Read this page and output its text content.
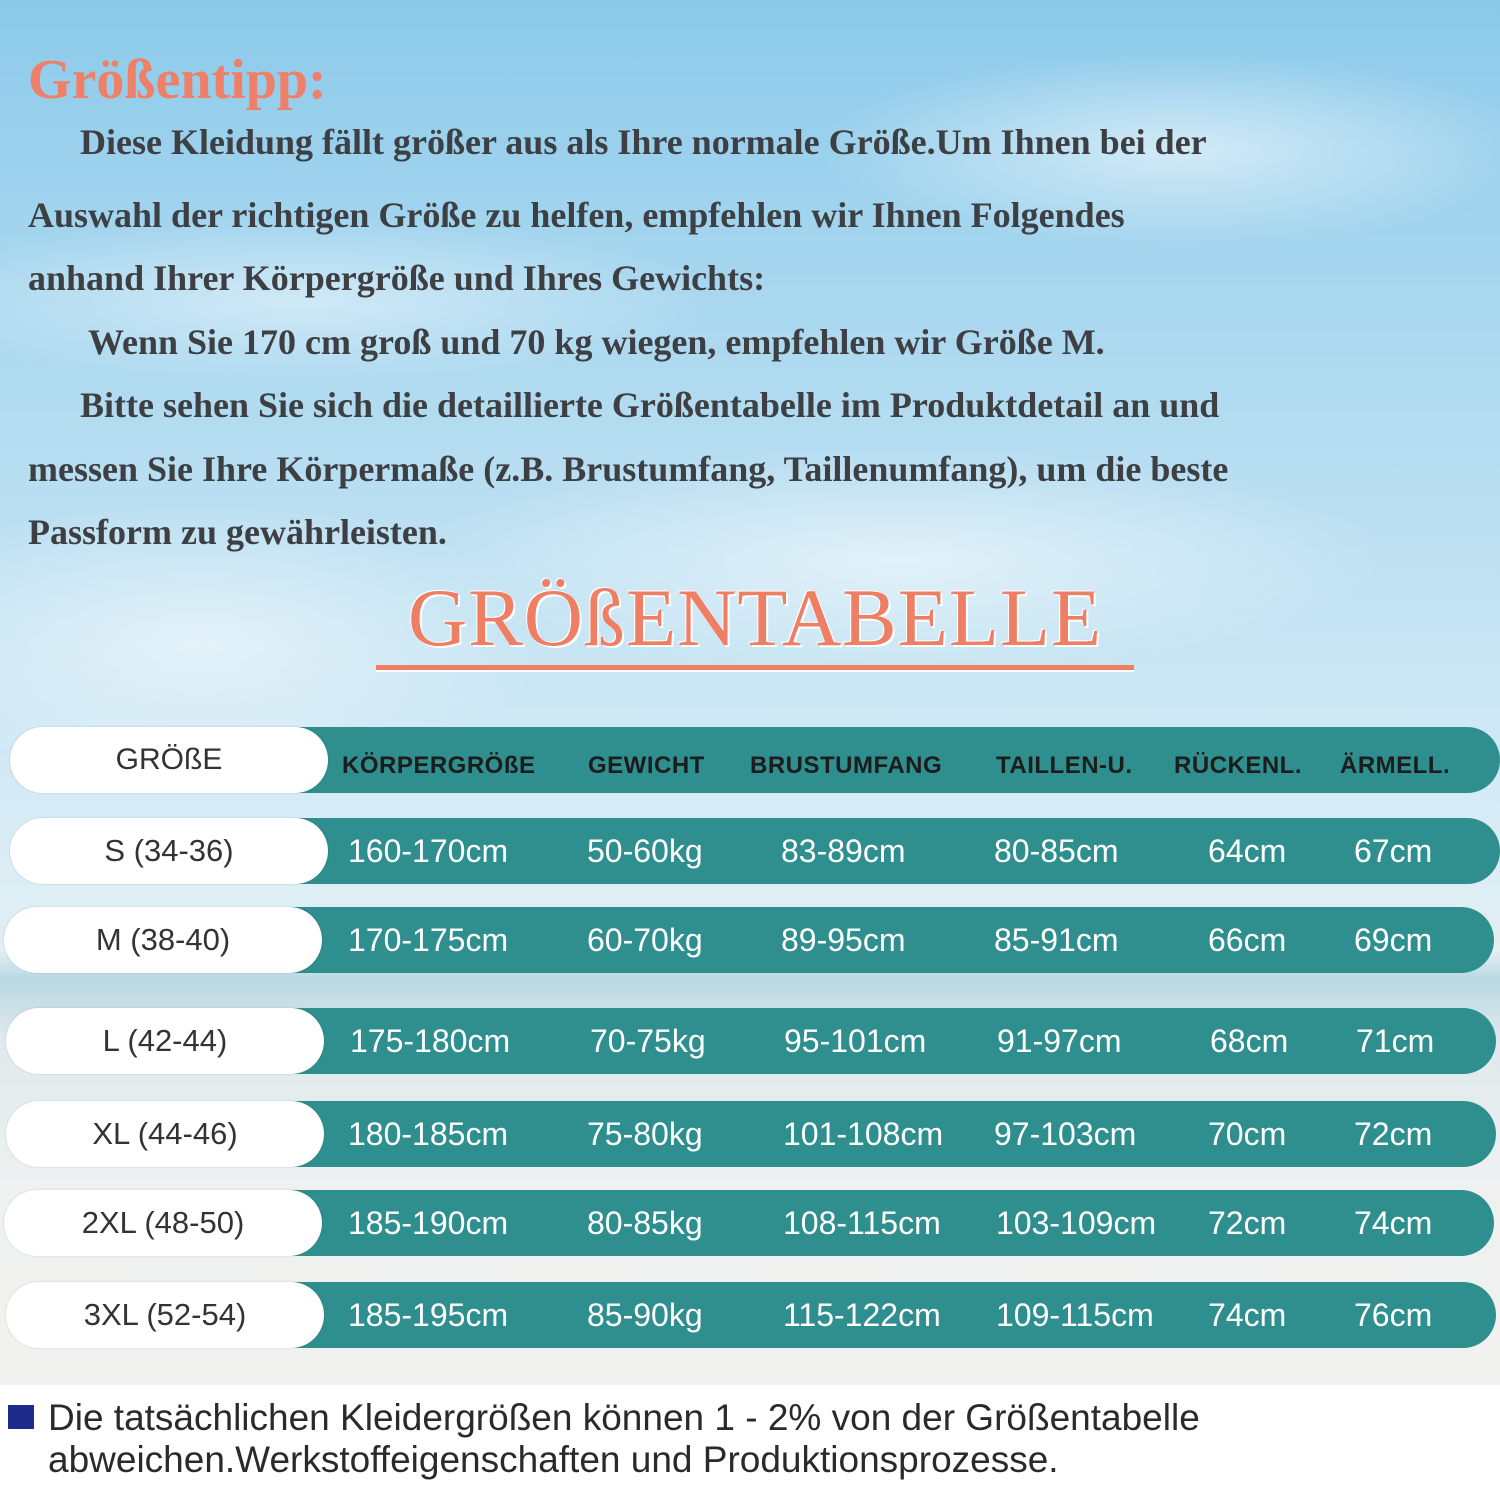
Größentipp:
Diese Kleidung fällt größer aus als Ihre normale Größe.Um Ihnen bei der
Auswahl der richtigen Größe zu helfen, empfehlen wir Ihnen Folgendes
anhand Ihrer Körpergröße und Ihres Gewichts:
Wenn Sie 170 cm groß und 70 kg wiegen, empfehlen wir Größe M.
Bitte sehen Sie sich die detaillierte Größentabelle im Produktdetail an und
messen Sie Ihre Körpermaße (z.B. Brustumfang, Taillenumfang), um die beste
Passform zu gewährleisten.
GRÖßENTABELLE
GRÖßE	KÖRPERGRÖßE GEWICHT BRUSTUMFANG TAILLEN-U. RÜCKENL. ÄRMELL.
S (34-36)	160-170cm 50-60kg 83-89cm	80-85cm	64cm 67cm
M (38-40)	170-175cm 60-70kg 89-95cm	85-91cm	66cm 69cm
L (42-44)	175-180cm 70-75kg 95-101cm 91-97cm	68cm 71cm
XL (44-46)	180-185cm 75-80kg	101-108cm 97-103cm 70cm 72cm
2XL (48-50)	185-190cm 80-85kg	108-115cm 103-109cm 72cm 74cm
3XL (52-54)	185-195cm 85-90kg	115-122cm 109-115cm 74cm 76cm
Die tatsächlichen Kleidergrößen können 1 - 2% von der Größentabelle
abweichen.Werkstoffeigenschaften und Produktionsprozesse.
